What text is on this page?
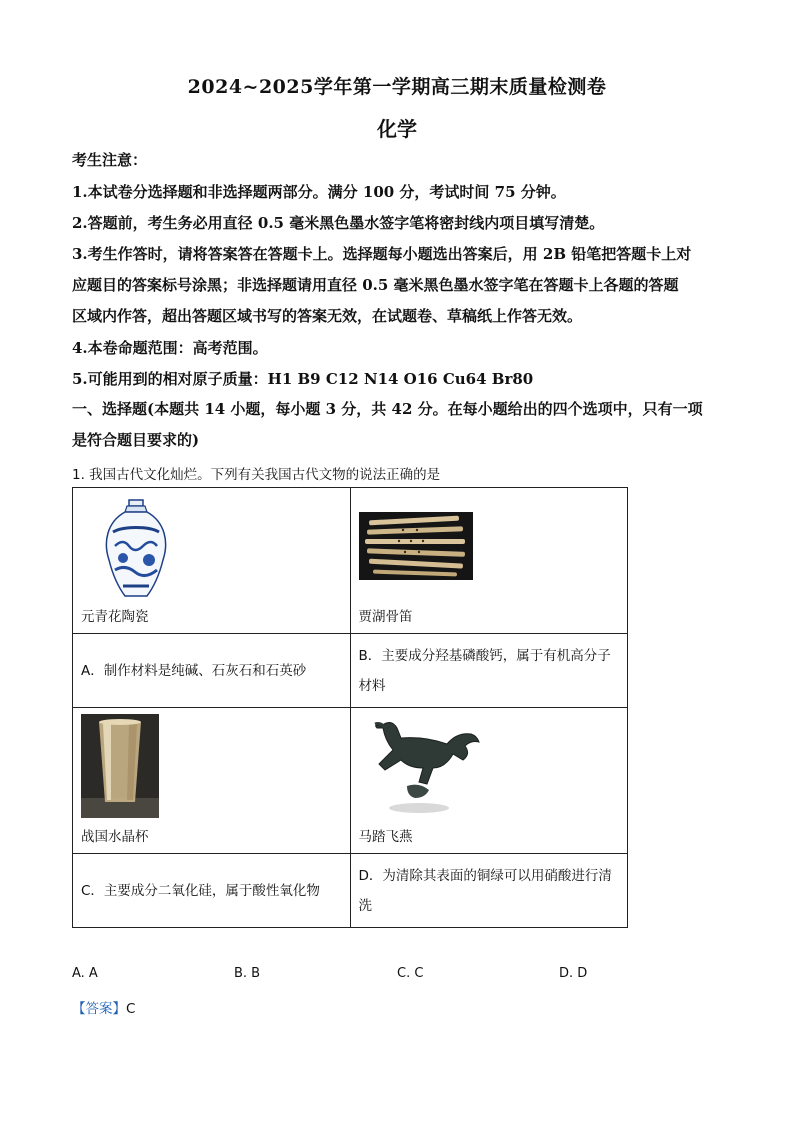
2024~2025学年第一学期高三期末质量检测卷
化学
考生注意：
1.本试卷分选择题和非选择题两部分。满分 100 分，考试时间 75 分钟。
2.答题前，考生务必用直径 0.5 毫米黑色墨水签字笔将密封线内项目填写清楚。
3.考生作答时，请将答案答在答题卡上。选择题每小题选出答案后，用 2B 铅笔把答题卡上对
应题目的答案标号涂黑；非选择题请用直径 0.5 毫米黑色墨水签字笔在答题卡上各题的答题
区域内作答，超出答题区域书写的答案无效，在试题卷、草稿纸上作答无效。
4.本卷命题范围：高考范围。
5.可能用到的相对原子质量：H1 B9 C12 N14 O16 Cu64 Br80
一、选择题(本题共 14 小题，每小题 3 分，共 42 分。在每小题给出的四个选项中，只有一项
是符合题目要求的)
1. 我国古代文化灿烂。下列有关我国古代文物的说法正确的是
元青花陶瓷	贾湖骨笛

A．制作材料是纯碱、石灰石和石英砂	B．主要成分羟基磷酸钙，属于有机高分子材料

战国水晶杯	马踏飞燕

C．主要成分二氧化硅，属于酸性氧化物	D．为清除其表面的铜绿可以用硝酸进行清洗
A. A	B. B	C. C	D. D
【答案】C
